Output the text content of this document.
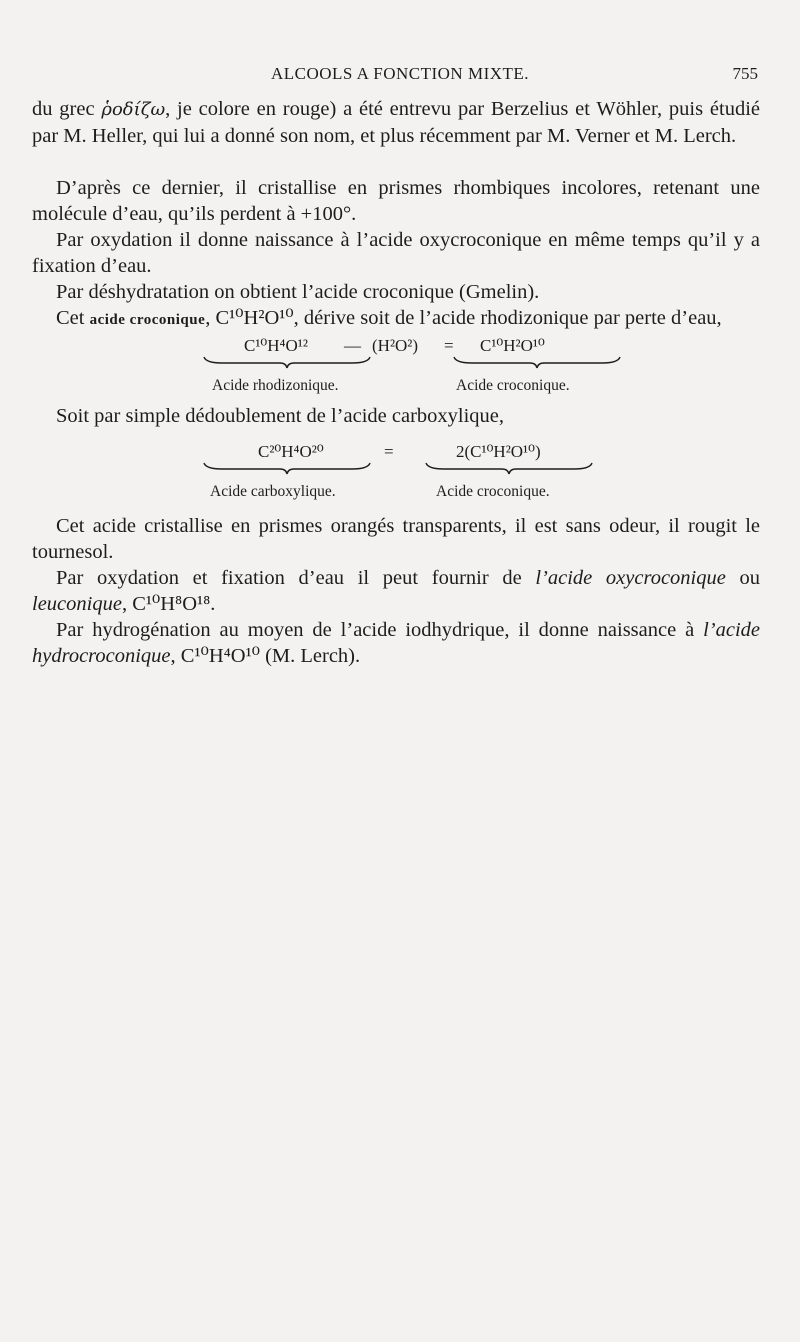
ALCOOLS A FONCTION MIXTE.	755

du grec ῥοδίζω, je colore en rouge) a été entrevu par Berzelius et Wöhler, puis étudié par M. Heller, qui lui a donné son nom, et plus récemment par M. Verner et M. Lerch.

D’après ce dernier, il cristallise en prismes rhombiques incolores, retenant une molécule d’eau, qu’ils perdent à +100°.

Par oxydation il donne naissance à l’acide oxycroconique en même temps qu’il y a fixation d’eau.

Par déshydratation on obtient l’acide croconique (Gmelin).

Cet acide croconique, C¹⁰H²O¹⁰, dérive soit de l’acide rhodizonique par perte d’eau,

C¹⁰H⁴O¹² — (H²O²) = C¹⁰H²O¹⁰
Acide rhodizonique.	Acide croconique.

Soit par simple dédoublement de l’acide carboxylique,

C²⁰H⁴O²⁰	=	2(C¹⁰H²O¹⁰)
Acide carboxylique.	Acide croconique.

Cet acide cristallise en prismes orangés transparents, il est sans odeur, il rougit le tournesol.

Par oxydation et fixation d’eau il peut fournir de l’acide oxycroconique ou leuconique, C¹⁰H⁸O¹⁸.

Par hydrogénation au moyen de l’acide iodhydrique, il donne naissance à l’acide hydrocroconique, C¹⁰H⁴O¹⁰ (M. Lerch).
